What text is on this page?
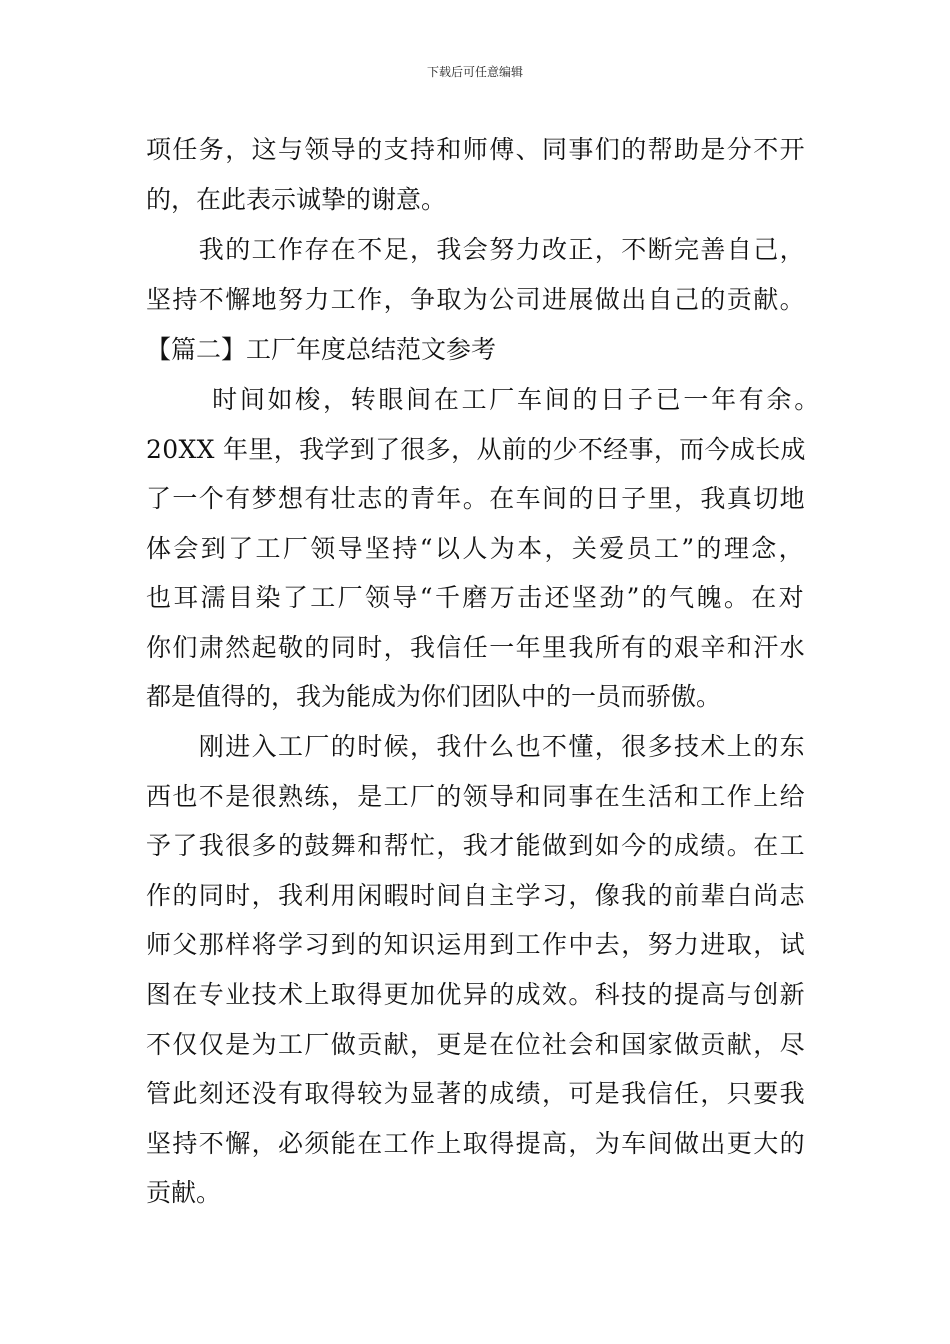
下载后可任意编辑
项任务，这与领导的支持和师傅、同事们的帮助是分不开
的，在此表示诚挚的谢意。
　　我的工作存在不足，我会努力改正，不断完善自己，
坚持不懈地努力工作，争取为公司进展做出自己的贡献。
【篇二】工厂年度总结范文参考
　　 时间如梭，转眼间在工厂车间的日子已一年有余。
20XX 年里，我学到了很多，从前的少不经事，而今成长成
了一个有梦想有壮志的青年。在车间的日子里，我真切地
体会到了工厂领导坚持“以人为本，关爱员工”的理念，
也耳濡目染了工厂领导“千磨万击还坚劲”的气魄。在对
你们肃然起敬的同时，我信任一年里我所有的艰辛和汗水
都是值得的，我为能成为你们团队中的一员而骄傲。
　　刚进入工厂的时候，我什么也不懂，很多技术上的东
西也不是很熟练，是工厂的领导和同事在生活和工作上给
予了我很多的鼓舞和帮忙，我才能做到如今的成绩。在工
作的同时，我利用闲暇时间自主学习，像我的前辈白尚志
师父那样将学习到的知识运用到工作中去，努力进取，试
图在专业技术上取得更加优异的成效。科技的提高与创新
不仅仅是为工厂做贡献，更是在位社会和国家做贡献，尽
管此刻还没有取得较为显著的成绩，可是我信任，只要我
坚持不懈，必须能在工作上取得提高，为车间做出更大的
贡献。
